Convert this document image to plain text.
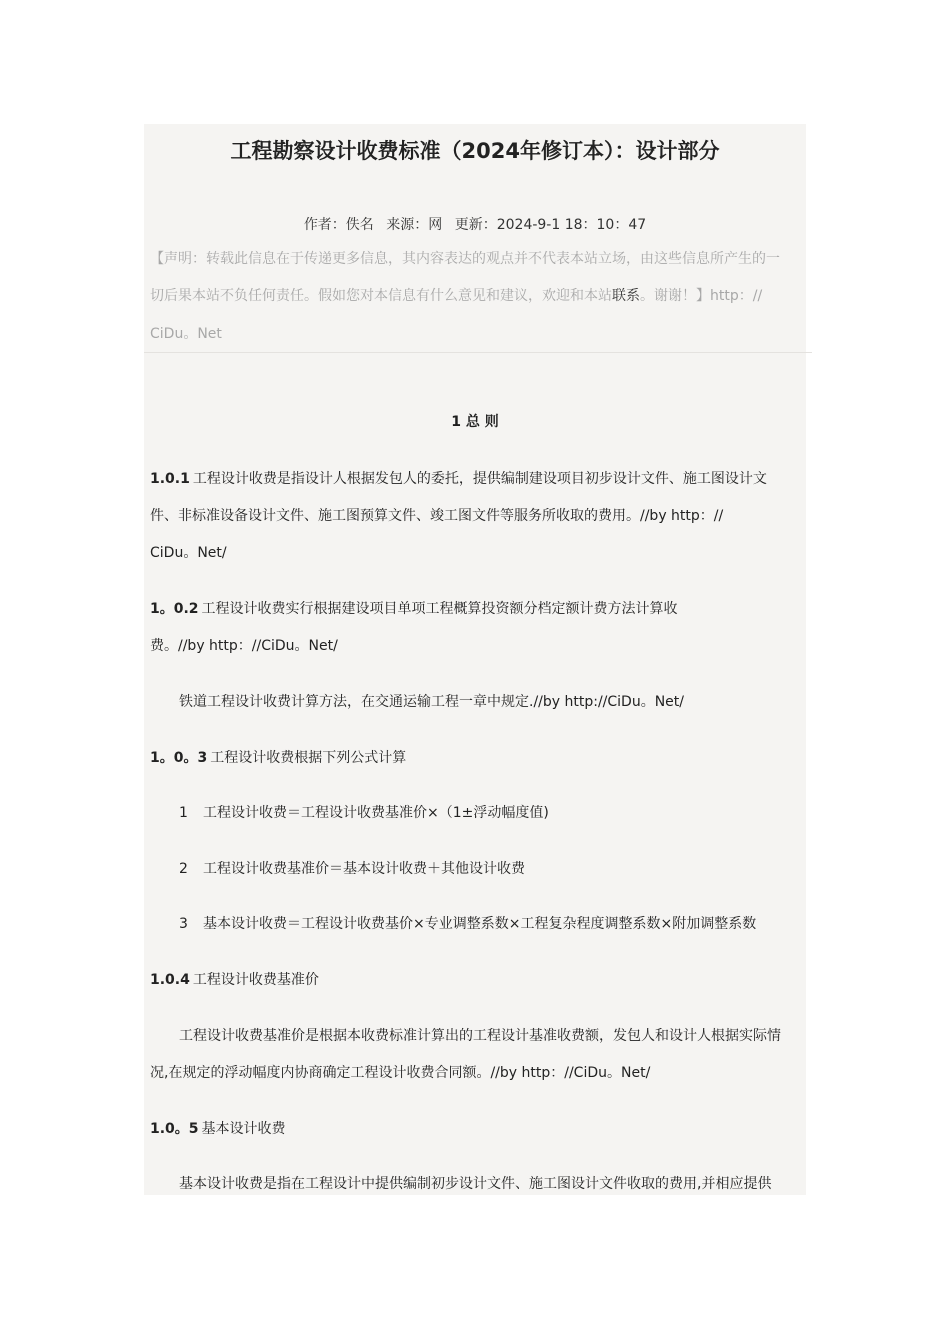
工程勘察设计收费标准（2024年修订本）：设计部分
作者：佚名 来源：网 更新：2024-9-1 18：10：47
【声明：转载此信息在于传递更多信息，其内容表达的观点并不代表本站立场，由这些信息所产生的一
切后果本站不负任何责任。假如您对本信息有什么意见和建议，欢迎和本站联系。谢谢！】http：//
CiDu。Net
1 总 则
1.0.1 工程设计收费是指设计人根据发包人的委托，提供编制建设项目初步设计文件、施工图设计文
件、非标准设备设计文件、施工图预算文件、竣工图文件等服务所收取的费用。//by http：//
CiDu。Net/
1。0.2 工程设计收费实行根据建设项目单项工程概算投资额分档定额计费方法计算收
费。//by http：//CiDu。Net/
铁道工程设计收费计算方法，在交通运输工程一章中规定.//by http://CiDu。Net/
1。0。3 工程设计收费根据下列公式计算
1 工程设计收费＝工程设计收费基准价×（1±浮动幅度值)
2 工程设计收费基准价＝基本设计收费＋其他设计收费
3 基本设计收费＝工程设计收费基价×专业调整系数×工程复杂程度调整系数×附加调整系数
1.0.4 工程设计收费基准价
工程设计收费基准价是根据本收费标准计算出的工程设计基准收费额，发包人和设计人根据实际情
况,在规定的浮动幅度内协商确定工程设计收费合同额。//by http：//CiDu。Net/
1.0。5 基本设计收费
基本设计收费是指在工程设计中提供编制初步设计文件、施工图设计文件收取的费用,并相应提供
